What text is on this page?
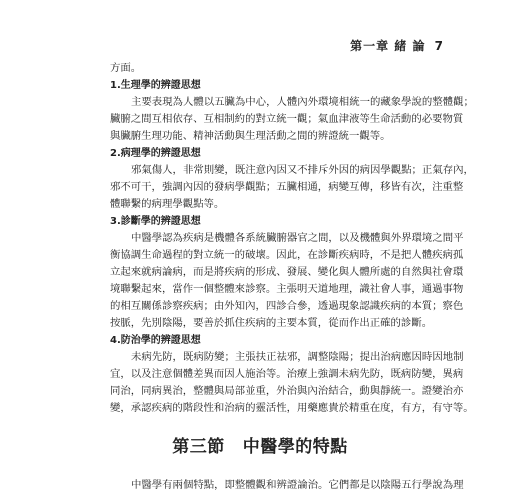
第一章 緒 論 7
方面。
1.生理學的辨證思想
主要表現為人體以五臟為中心，人體內外環境相統一的藏象學說的整體觀；
臟腑之間互相依存、互相制約的對立統一觀；氣血津液等生命活動的必要物質
與臟腑生理功能、精神活動與生理活動之間的辨證統一觀等。
2.病理學的辨證思想
邪氣傷人，非常則變，既注意內因又不排斥外因的病因學觀點；正氣存內，
邪不可干，強調內因的發病學觀點；五臟相通，病變互傳，移皆有次，注重整
體聯繫的病理學觀點等。
3.診斷學的辨證思想
中醫學認為疾病是機體各系統臟腑器官之間，以及機體與外界環境之間平
衡協調生命過程的對立統一的破壞。因此，在診斷疾病時，不是把人體疾病孤
立起來就病論病，而是將疾病的形成、發展、變化與人體所處的自然與社會環
境聯繫起來，當作一個整體來診察。主張明天道地理，識社會人事，通過事物
的相互關係診察疾病；由外知內，四診合參，透過現象認識疾病的本質；察色
按脈，先別陰陽，要善於抓住疾病的主要本質，從而作出正確的診斷。
4.防治學的辨證思想
未病先防，既病防變；主張扶正祛邪，調整陰陽；提出治病應因時因地制
宜，以及注意個體差異而因人施治等。治療上強調未病先防，既病防變，異病
同治，同病異治，整體與局部並重，外治與內治結合，動與靜統一。證變治亦
變，承認疾病的階段性和治病的靈活性，用藥應貴於精重在度，有方，有守等。
第三節 中醫學的特點
中醫學有兩個特點，即整體觀和辨證論治。它們都是以陰陽五行學說為理
